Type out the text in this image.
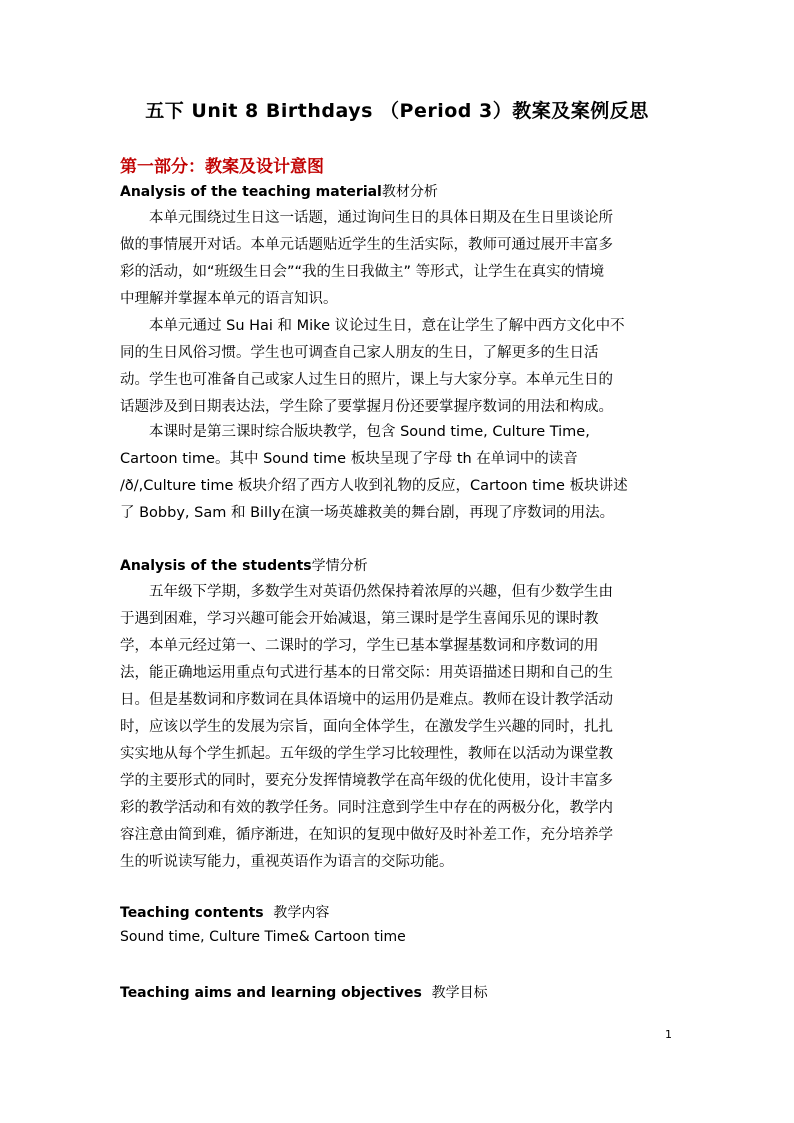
五下 Unit 8 Birthdays （Period 3）教案及案例反思
第一部分：教案及设计意图
Analysis of the teaching material教材分析
　　本单元围绕过生日这一话题，通过询问生日的具体日期及在生日里谈论所
做的事情展开对话。本单元话题贴近学生的生活实际，教师可通过展开丰富多
彩的活动，如“班级生日会”“我的生日我做主” 等形式，让学生在真实的情境
中理解并掌握本单元的语言知识。
　　本单元通过 Su Hai 和 Mike 议论过生日，意在让学生了解中西方文化中不
同的生日风俗习惯。学生也可调查自己家人朋友的生日，了解更多的生日活
动。学生也可准备自己或家人过生日的照片，课上与大家分享。本单元生日的
话题涉及到日期表达法，学生除了要掌握月份还要掌握序数词的用法和构成。
　　本课时是第三课时综合版块教学，包含 Sound time, Culture Time,
Cartoon time。其中 Sound time 板块呈现了字母 th 在单词中的读音
/ð/,Culture time 板块介绍了西方人收到礼物的反应，Cartoon time 板块讲述
了 Bobby, Sam 和 Billy在演一场英雄救美的舞台剧，再现了序数词的用法。
Analysis of the students学情分析
　　五年级下学期，多数学生对英语仍然保持着浓厚的兴趣，但有少数学生由
于遇到困难，学习兴趣可能会开始减退，第三课时是学生喜闻乐见的课时教
学，本单元经过第一、二课时的学习，学生已基本掌握基数词和序数词的用
法，能正确地运用重点句式进行基本的日常交际：用英语描述日期和自己的生
日。但是基数词和序数词在具体语境中的运用仍是难点。教师在设计教学活动
时，应该以学生的发展为宗旨，面向全体学生，在激发学生兴趣的同时，扎扎
实实地从每个学生抓起。五年级的学生学习比较理性，教师在以活动为课堂教
学的主要形式的同时，要充分发挥情境教学在高年级的优化使用，设计丰富多
彩的教学活动和有效的教学任务。同时注意到学生中存在的两极分化，教学内
容注意由简到难，循序渐进，在知识的复现中做好及时补差工作，充分培养学
生的听说读写能力，重视英语作为语言的交际功能。
Teaching contents 教学内容
Sound time, Culture Time& Cartoon time
Teaching aims and learning objectives 教学目标
1
